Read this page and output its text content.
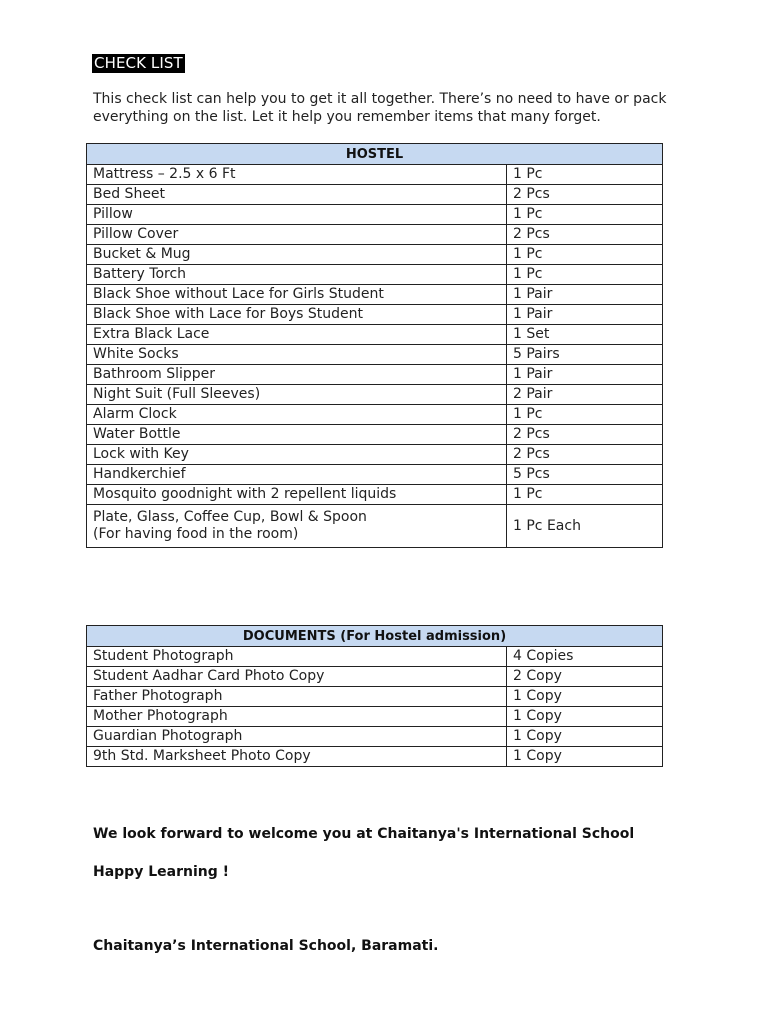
CHECK LIST

This check list can help you to get it all together. There’s no need to have or pack everything on the list. Let it help you remember items that many forget.

HOSTEL	
Mattress – 2.5 x 6 Ft	1 Pc
Bed Sheet	2 Pcs
Pillow	1 Pc
Pillow Cover	2 Pcs
Bucket & Mug	1 Pc
Battery Torch	1 Pc
Black Shoe without Lace for Girls Student	1 Pair
Black Shoe with Lace for Boys Student	1 Pair
Extra Black Lace	1 Set
White Socks	5 Pairs
Bathroom Slipper	1 Pair
Night Suit (Full Sleeves)	2 Pair
Alarm Clock	1 Pc
Water Bottle	2 Pcs
Lock with Key	2 Pcs
Handkerchief	5 Pcs
Mosquito goodnight with 2 repellent liquids	1 Pc

Plate, Glass, Coffee Cup, Bowl & Spoon
(For having food in the room)	1 Pc Each
DOCUMENTS (For Hostel admission)	
Student Photograph	4 Copies
Student Aadhar Card Photo Copy	2 Copy
Father Photograph	1 Copy
Mother Photograph	1 Copy
Guardian Photograph	1 Copy
9th Std. Marksheet Photo Copy	1 Copy

We look forward to welcome you at Chaitanya's International School

Happy Learning !

Chaitanya’s International School, Baramati.
